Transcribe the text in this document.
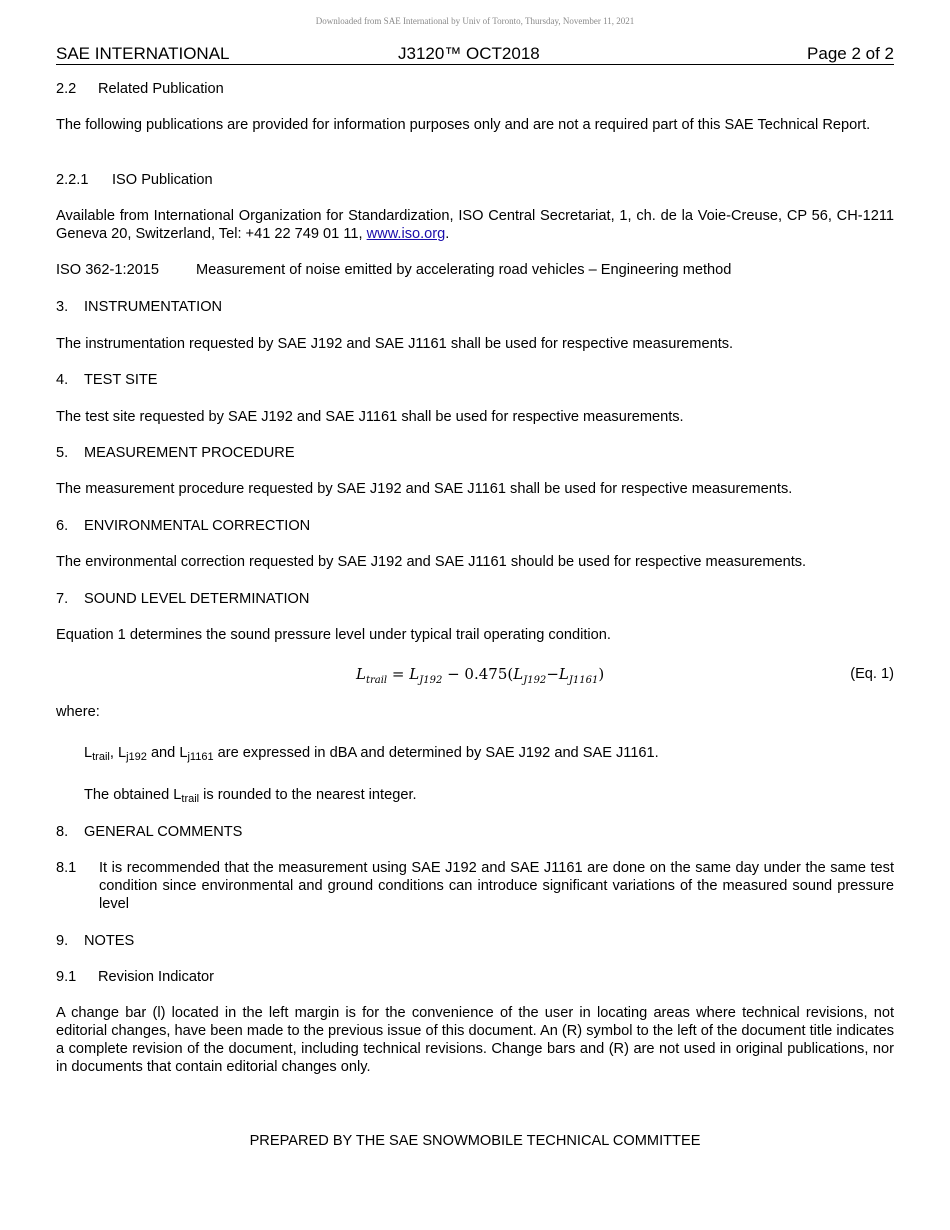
Downloaded from SAE International by Univ of Toronto, Thursday, November 11, 2021
SAE INTERNATIONAL	J3120™ OCT2018	Page 2 of 2
2.2 Related Publication
The following publications are provided for information purposes only and are not a required part of this SAE Technical Report.
2.2.1 ISO Publication
Available from International Organization for Standardization, ISO Central Secretariat, 1, ch. de la Voie-Creuse, CP 56, CH-1211 Geneva 20, Switzerland, Tel: +41 22 749 01 11, www.iso.org.
ISO 362-1:2015	Measurement of noise emitted by accelerating road vehicles – Engineering method
3. INSTRUMENTATION
The instrumentation requested by SAE J192 and SAE J1161 shall be used for respective measurements.
4. TEST SITE
The test site requested by SAE J192 and SAE J1161 shall be used for respective measurements.
5. MEASUREMENT PROCEDURE
The measurement procedure requested by SAE J192 and SAE J1161 shall be used for respective measurements.
6. ENVIRONMENTAL CORRECTION
The environmental correction requested by SAE J192 and SAE J1161 should be used for respective measurements.
7. SOUND LEVEL DETERMINATION
Equation 1 determines the sound pressure level under typical trail operating condition.
$L_{trail} = L_{J192} - 0.475(L_{J192}-L_{J1161})$	(Eq. 1)
where:
$L_{trail}$, $L_{j192}$ and $L_{j1161}$ are expressed in dBA and determined by SAE J192 and SAE J1161.
The obtained $L_{trail}$ is rounded to the nearest integer.
8. GENERAL COMMENTS
8.1 It is recommended that the measurement using SAE J192 and SAE J1161 are done on the same day under the same test condition since environmental and ground conditions can introduce significant variations of the measured sound pressure level
9. NOTES
9.1 Revision Indicator
A change bar (l) located in the left margin is for the convenience of the user in locating areas where technical revisions, not editorial changes, have been made to the previous issue of this document. An (R) symbol to the left of the document title indicates a complete revision of the document, including technical revisions. Change bars and (R) are not used in original publications, nor in documents that contain editorial changes only.
PREPARED BY THE SAE SNOWMOBILE TECHNICAL COMMITTEE
